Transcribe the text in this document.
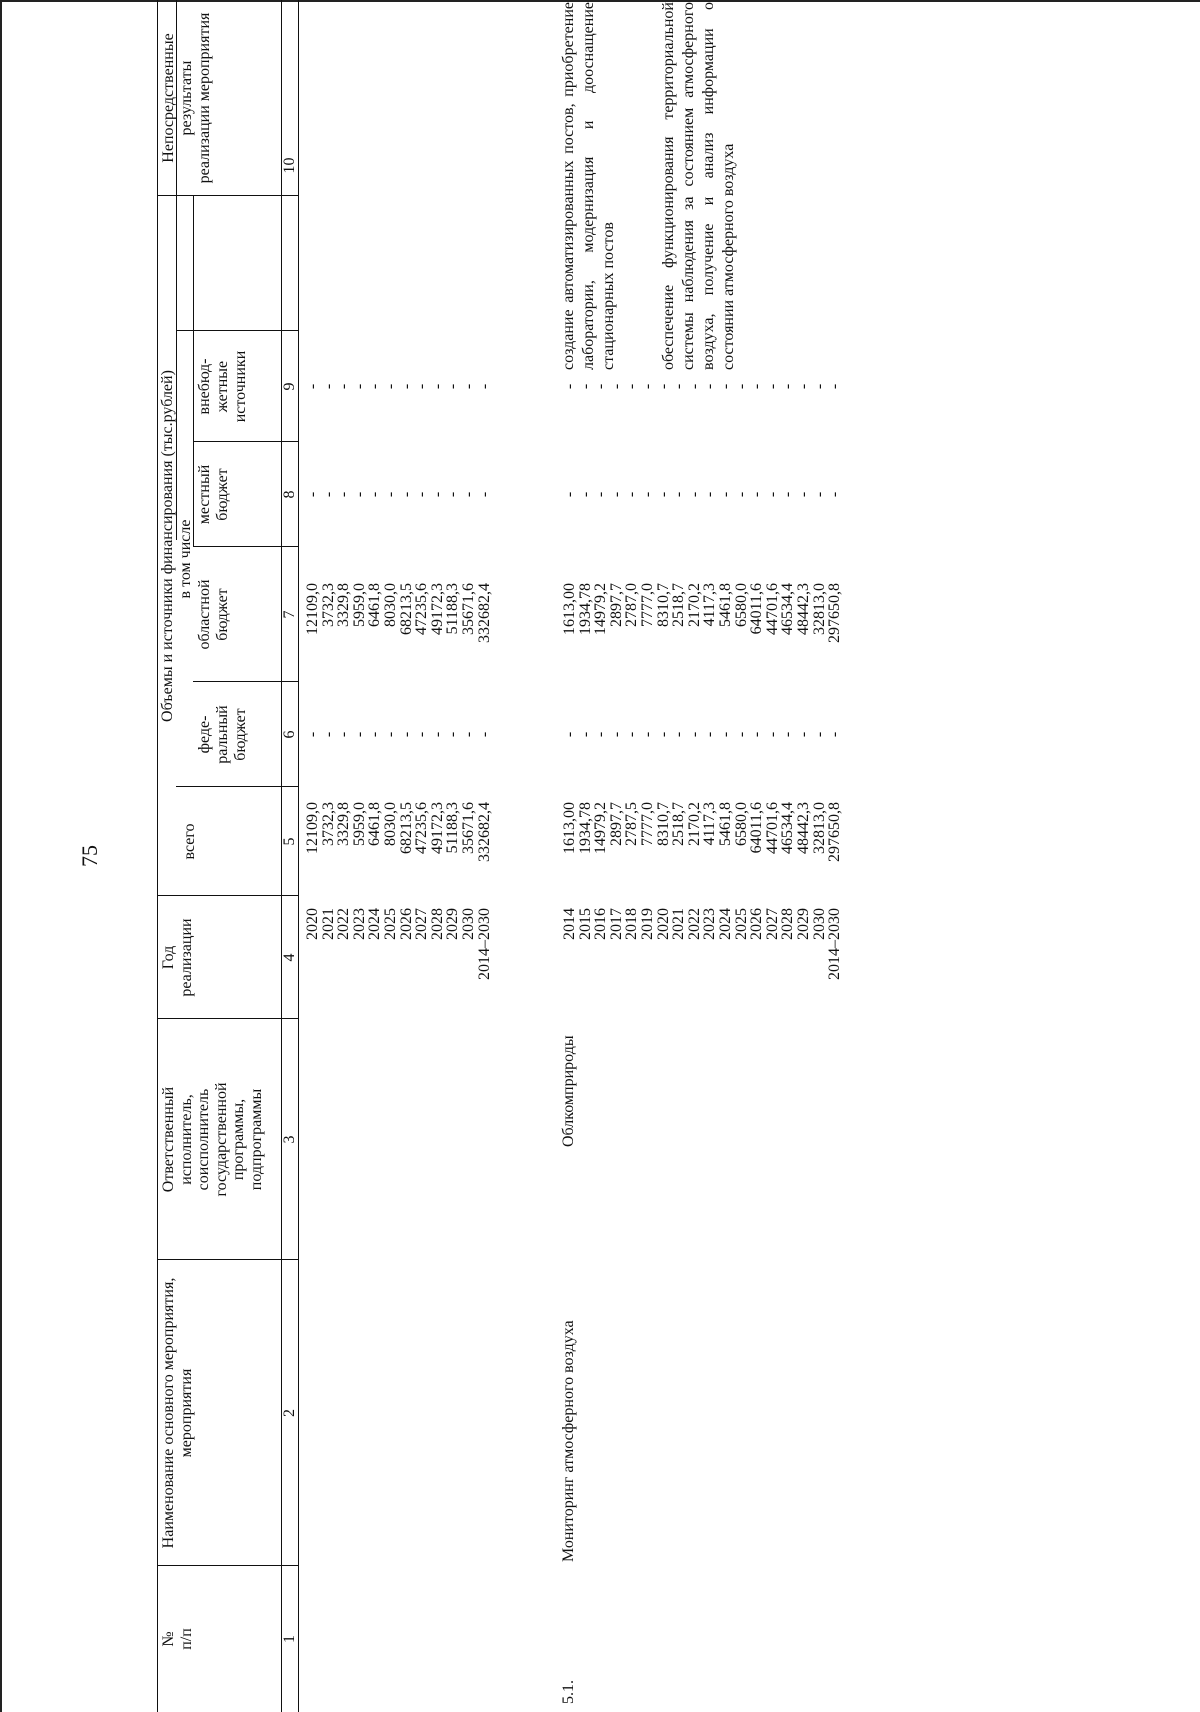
75
№
п/п
Наименование основного мероприятия,
мероприятия
Ответственный
исполнитель,
соисполнитель
государственной
программы,
подпрограммы
Год
реализации
Объемы и источники финансирования (тыс.рублей)
всего
в том числе
феде-
ральный
бюджет
областной
бюджет
местный
бюджет
внебюд-
жетные
источники
Непосредственные результаты
реализации мероприятия
1
2
3
4
5
6
7
8
9
10
2020
2021
2022
2023
2024
2025
2026
2027
2028
2029
2030
2014–2030
12109,0
3732,3
3329,8
5959,0
6461,8
8030,0
68213,5
47235,6
49172,3
51188,3
35671,6
332682,4
-
-
-
-
-
-
-
-
-
-
-
-
12109,0
3732,3
3329,8
5959,0
6461,8
8030,0
68213,5
47235,6
49172,3
51188,3
35671,6
332682,4
-
-
-
-
-
-
-
-
-
-
-
-
-
-
-
-
-
-
-
-
-
-
-
-
5.1.
Мониторинг атмосферного воздуха
Облкомприроды
2014
2015
2016
2017
2018
2019
2020
2021
2022
2023
2024
2025
2026
2027
2028
2029
2030
2014–2030
1613,00
1934,78
14979,2
2897,7
2787,5
7777,0
8310,7
2518,7
2170,2
4117,3
5461,8
6580,0
64011,6
44701,6
46534,4
48442,3
32813,0
297650,8
-
-
-
-
-
-
-
-
-
-
-
-
-
-
-
-
-
-
1613,00
1934,78
14979,2
2897,7
2787,0
7777,0
8310,7
2518,7
2170,2
4117,3
5461,8
6580,0
64011,6
44701,6
46534,4
48442,3
32813,0
297650,8
-
-
-
-
-
-
-
-
-
-
-
-
-
-
-
-
-
-
-
-
-
-
-
-
-
-
-
-
-
-
-
-
-
-
-
-
создание автоматизированных постов, приобретение лаборатории, модернизация и дооснащение стационарных постов	обеспечение функционирования территориальной системы наблюдения за состоянием атмосферного воздуха, получение и анализ информации о состоянии атмосферного воздуха
